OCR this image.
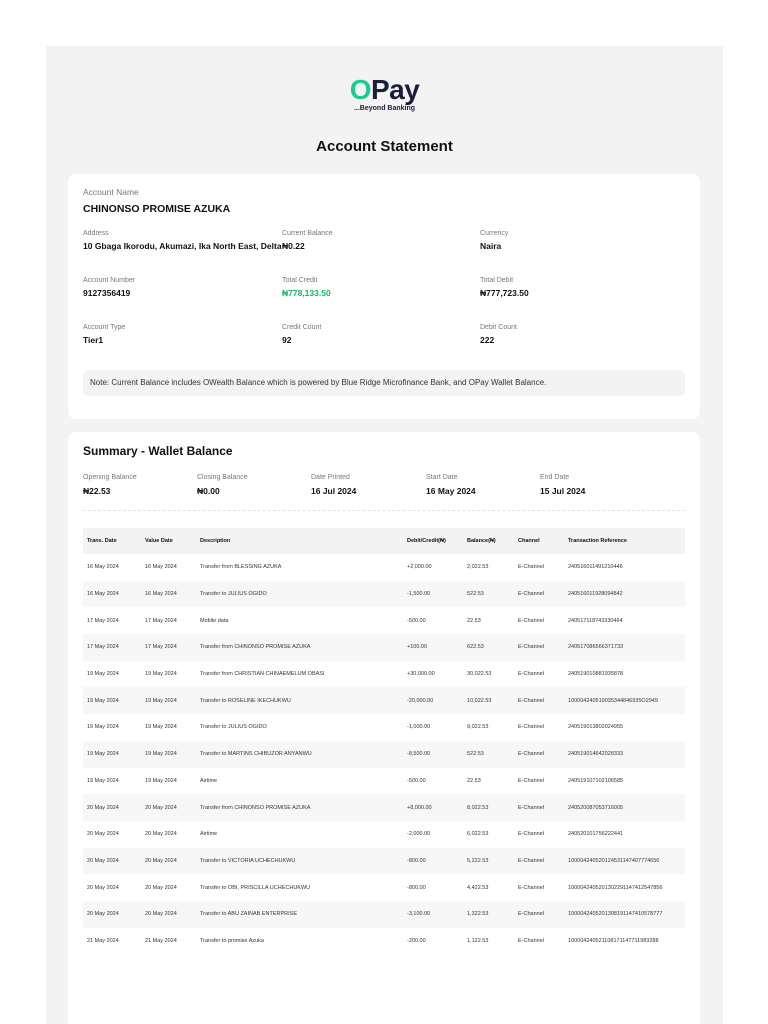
OPay
...Beyond Banking
Account Statement
Account Name
CHINONSO PROMISE AZUKA
Address
10 Gbaga Ikorodu, Akumazi, Ika North East, Delta
Current Balance
₦0.22
Currency
Naira
Account Number
9127356419
Total Credit
₦778,133.50
Total Debit
₦777,723.50
Account Type
Tier1
Credit Count
92
Debit Count
222
Note: Current Balance includes OWealth Balance which is powered by Blue Ridge Microfinance Bank, and OPay Wallet Balance.
Summary - Wallet Balance
Opening Balance
₦22.53
Closing Balance
₦0.00
Date Printed
16 Jul 2024
Start Date
16 May 2024
End Date
15 Jul 2024
Trans. Date	Value Date	Description	Debit/Credit(₦)	Balance(₦)	Channel	Transaction Reference
16 May 2024	16 May 2024	Transfer from BLESSING AZUKA	+2,000.00	2,022.53	E-Channel	240516011491210446
16 May 2024	16 May 2024	Transfer to JULIUS OGIDO	-1,500.00	522.53	E-Channel	240516011928094842
17 May 2024	17 May 2024	Mobile data	-500.00	22.53	E-Channel	240517118743330464
17 May 2024	17 May 2024	Transfer from CHINONSO PROMISE AZUKA	+100.00	622.53	E-Channel	240517086566371733
19 May 2024	19 May 2024	Transfer from CHRISTIAN CHINAEMELUM OBASI	+30,000.00	30,022.53	E-Channel	240519010881935878
19 May 2024	19 May 2024	Transfer to ROSELINE IKECHUKWU	-20,000.00	10,022.53	E-Channel	100004240519035344846935O2949
19 May 2024	19 May 2024	Transfer to JULIUS OGIDO	-1,000.00	9,022.53	E-Channel	240519013802024955
19 May 2024	19 May 2024	Transfer to MARTINS CHIBUZOR ANYANWU	-8,500.00	522.53	E-Channel	240519014642028333
19 May 2024	19 May 2024	Airtime	-500.00	22.53	E-Channel	240519107102106585
20 May 2024	20 May 2024	Transfer from CHINONSO PROMISE AZUKA	+8,000.00	8,022.53	E-Channel	240520087053716005
20 May 2024	20 May 2024	Airtime	-2,000.00	6,022.53	E-Channel	240520101756222441
20 May 2024	20 May 2024	Transfer to VICTORIA UCHECHUKWU	-800.00	5,222.53	E-Channel	100004240520124531147407774656
20 May 2024	20 May 2024	Transfer to OBI, PRISCILLA UCHECHUKWU	-800.00	4,422.53	E-Channel	1000042405201302291147412547856
20 May 2024	20 May 2024	Transfer to ABU ZAINAB ENTERPRISE	-3,100.00	1,322.53	E-Channel	1000042405201308191147410578777
21 May 2024	21 May 2024	Transfer to promise Azuka	-200.00	1,122.53	E-Channel	100004240521108171147711983288
